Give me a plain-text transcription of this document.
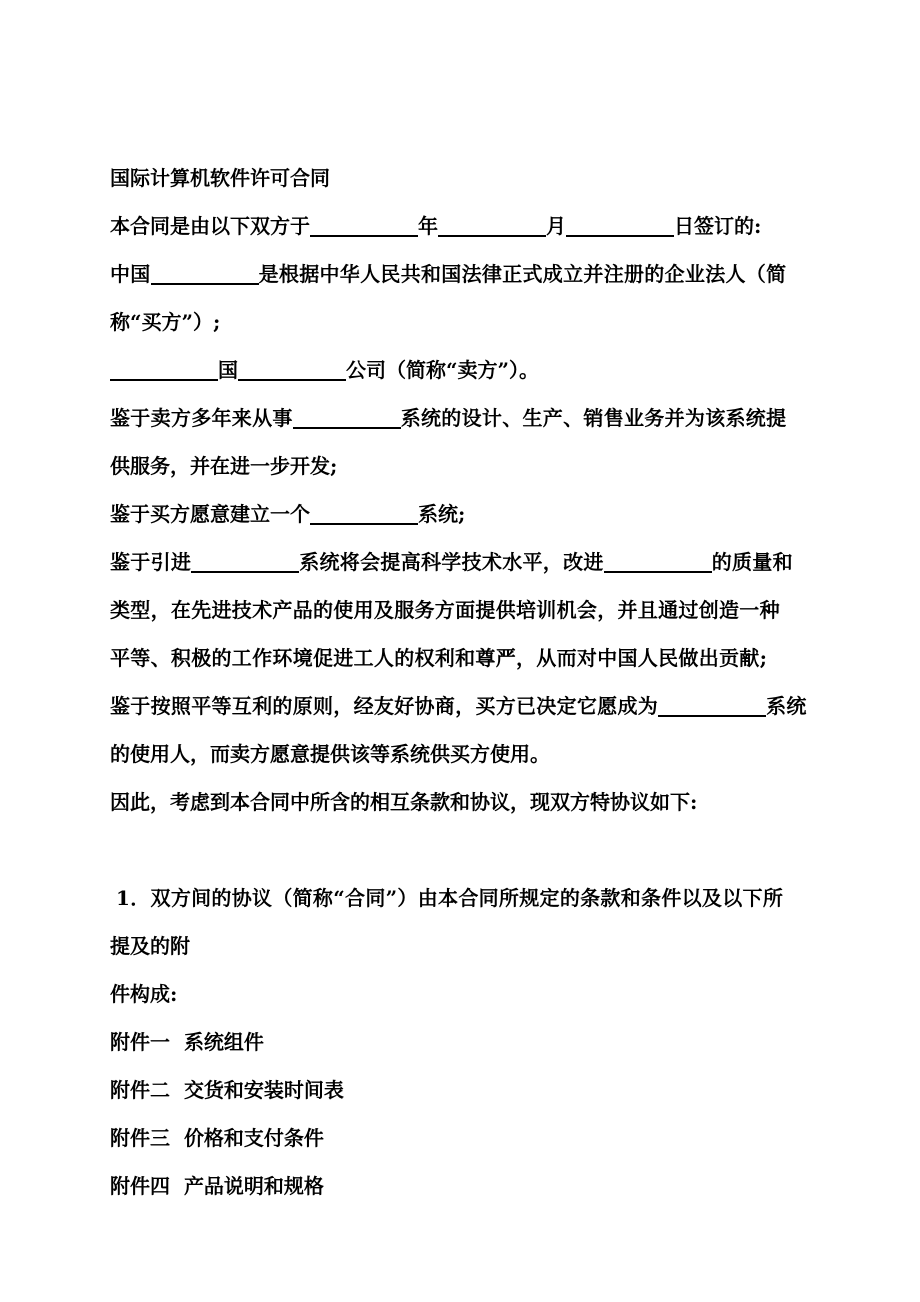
国际计算机软件许可合同
本合同是由以下双方于	年	月	日签订的:
中国	是根据中华人民共和国法律正式成立并注册的企业法人（简
称“买方”）;
国	公司（简称“卖方”）。
鉴于卖方多年来从事	系统的设计、生产、销售业务并为该系统提
供服务，并在进一步开发;
鉴于买方愿意建立一个	系统;
鉴于引进	系统将会提高科学技术水平，改进	的质量和
类型，在先进技术产品的使用及服务方面提供培训机会，并且通过创造一种
平等、积极的工作环境促进工人的权利和尊严，从而对中国人民做出贡献;
鉴于按照平等互利的原则，经友好协商，买方已决定它愿成为	系统
的使用人，而卖方愿意提供该等系统供买方使用。
因此，考虑到本合同中所含的相互条款和协议，现双方特协议如下:
1．双方间的协议（简称“合同”）由本合同所规定的条款和条件以及以下所
提及的附
件构成:
附件一 系统组件
附件二 交货和安装时间表
附件三 价格和支付条件
附件四 产品说明和规格
